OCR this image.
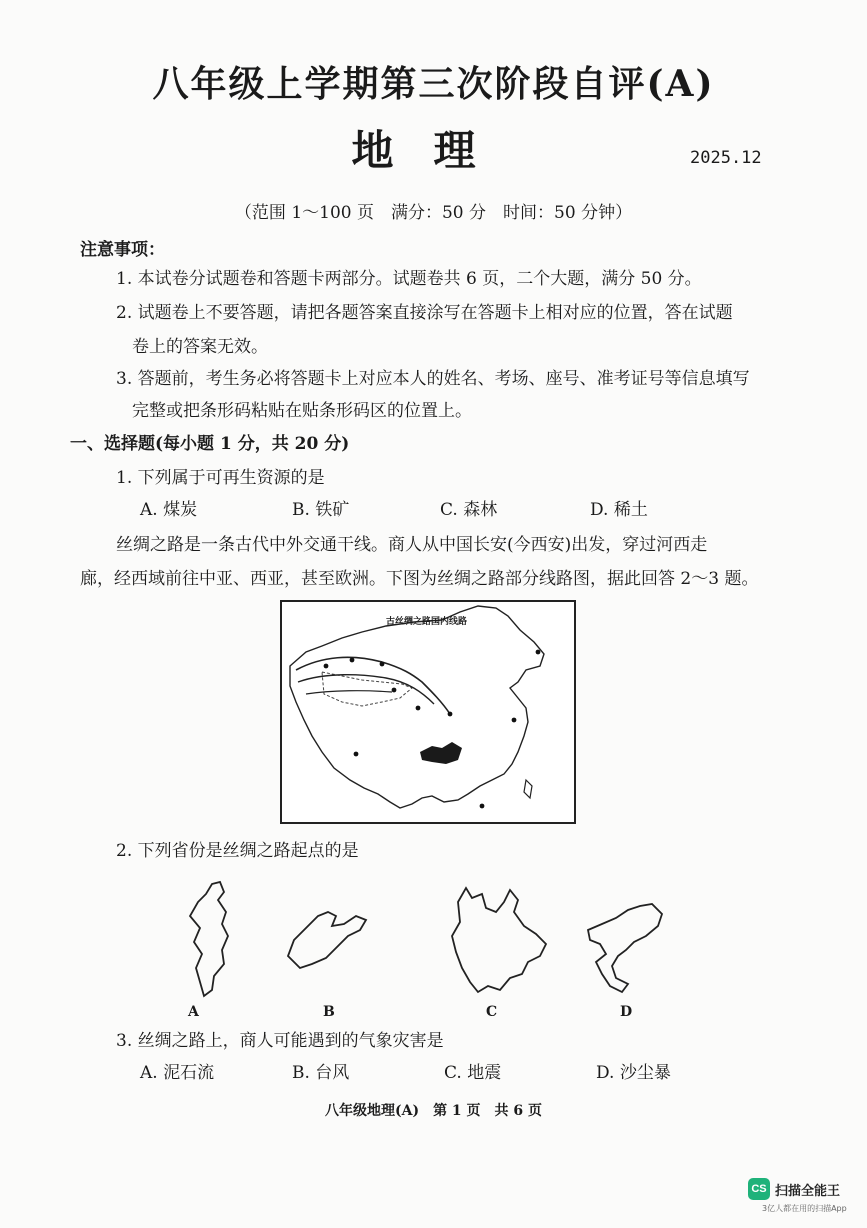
八年级上学期第三次阶段自评(A)
地理	2025.12
（范围 1～100 页　满分：50 分　时间：50 分钟）
注意事项：
1. 本试卷分试题卷和答题卡两部分。试题卷共 6 页，二个大题，满分 50 分。
2. 试题卷上不要答题，请把各题答案直接涂写在答题卡上相对应的位置，答在试题
卷上的答案无效。
3. 答题前，考生务必将答题卡上对应本人的姓名、考场、座号、准考证号等信息填写
完整或把条形码粘贴在贴条形码区的位置上。
一、选择题(每小题 1 分，共 20 分)
1. 下列属于可再生资源的是
A. 煤炭	B. 铁矿	C. 森林	D. 稀土
丝绸之路是一条古代中外交通干线。商人从中国长安(今西安)出发，穿过河西走
廊，经西域前往中亚、西亚，甚至欧洲。下图为丝绸之路部分线路图，据此回答 2～3 题。
古丝绸之路国内线路
2. 下列省份是丝绸之路起点的是
A	B	C	D
3. 丝绸之路上，商人可能遇到的气象灾害是
A. 泥石流	B. 台风	C. 地震	D. 沙尘暴
八年级地理(A)　第 1 页　共 6 页
CS 扫描全能王
3亿人都在用的扫描App
